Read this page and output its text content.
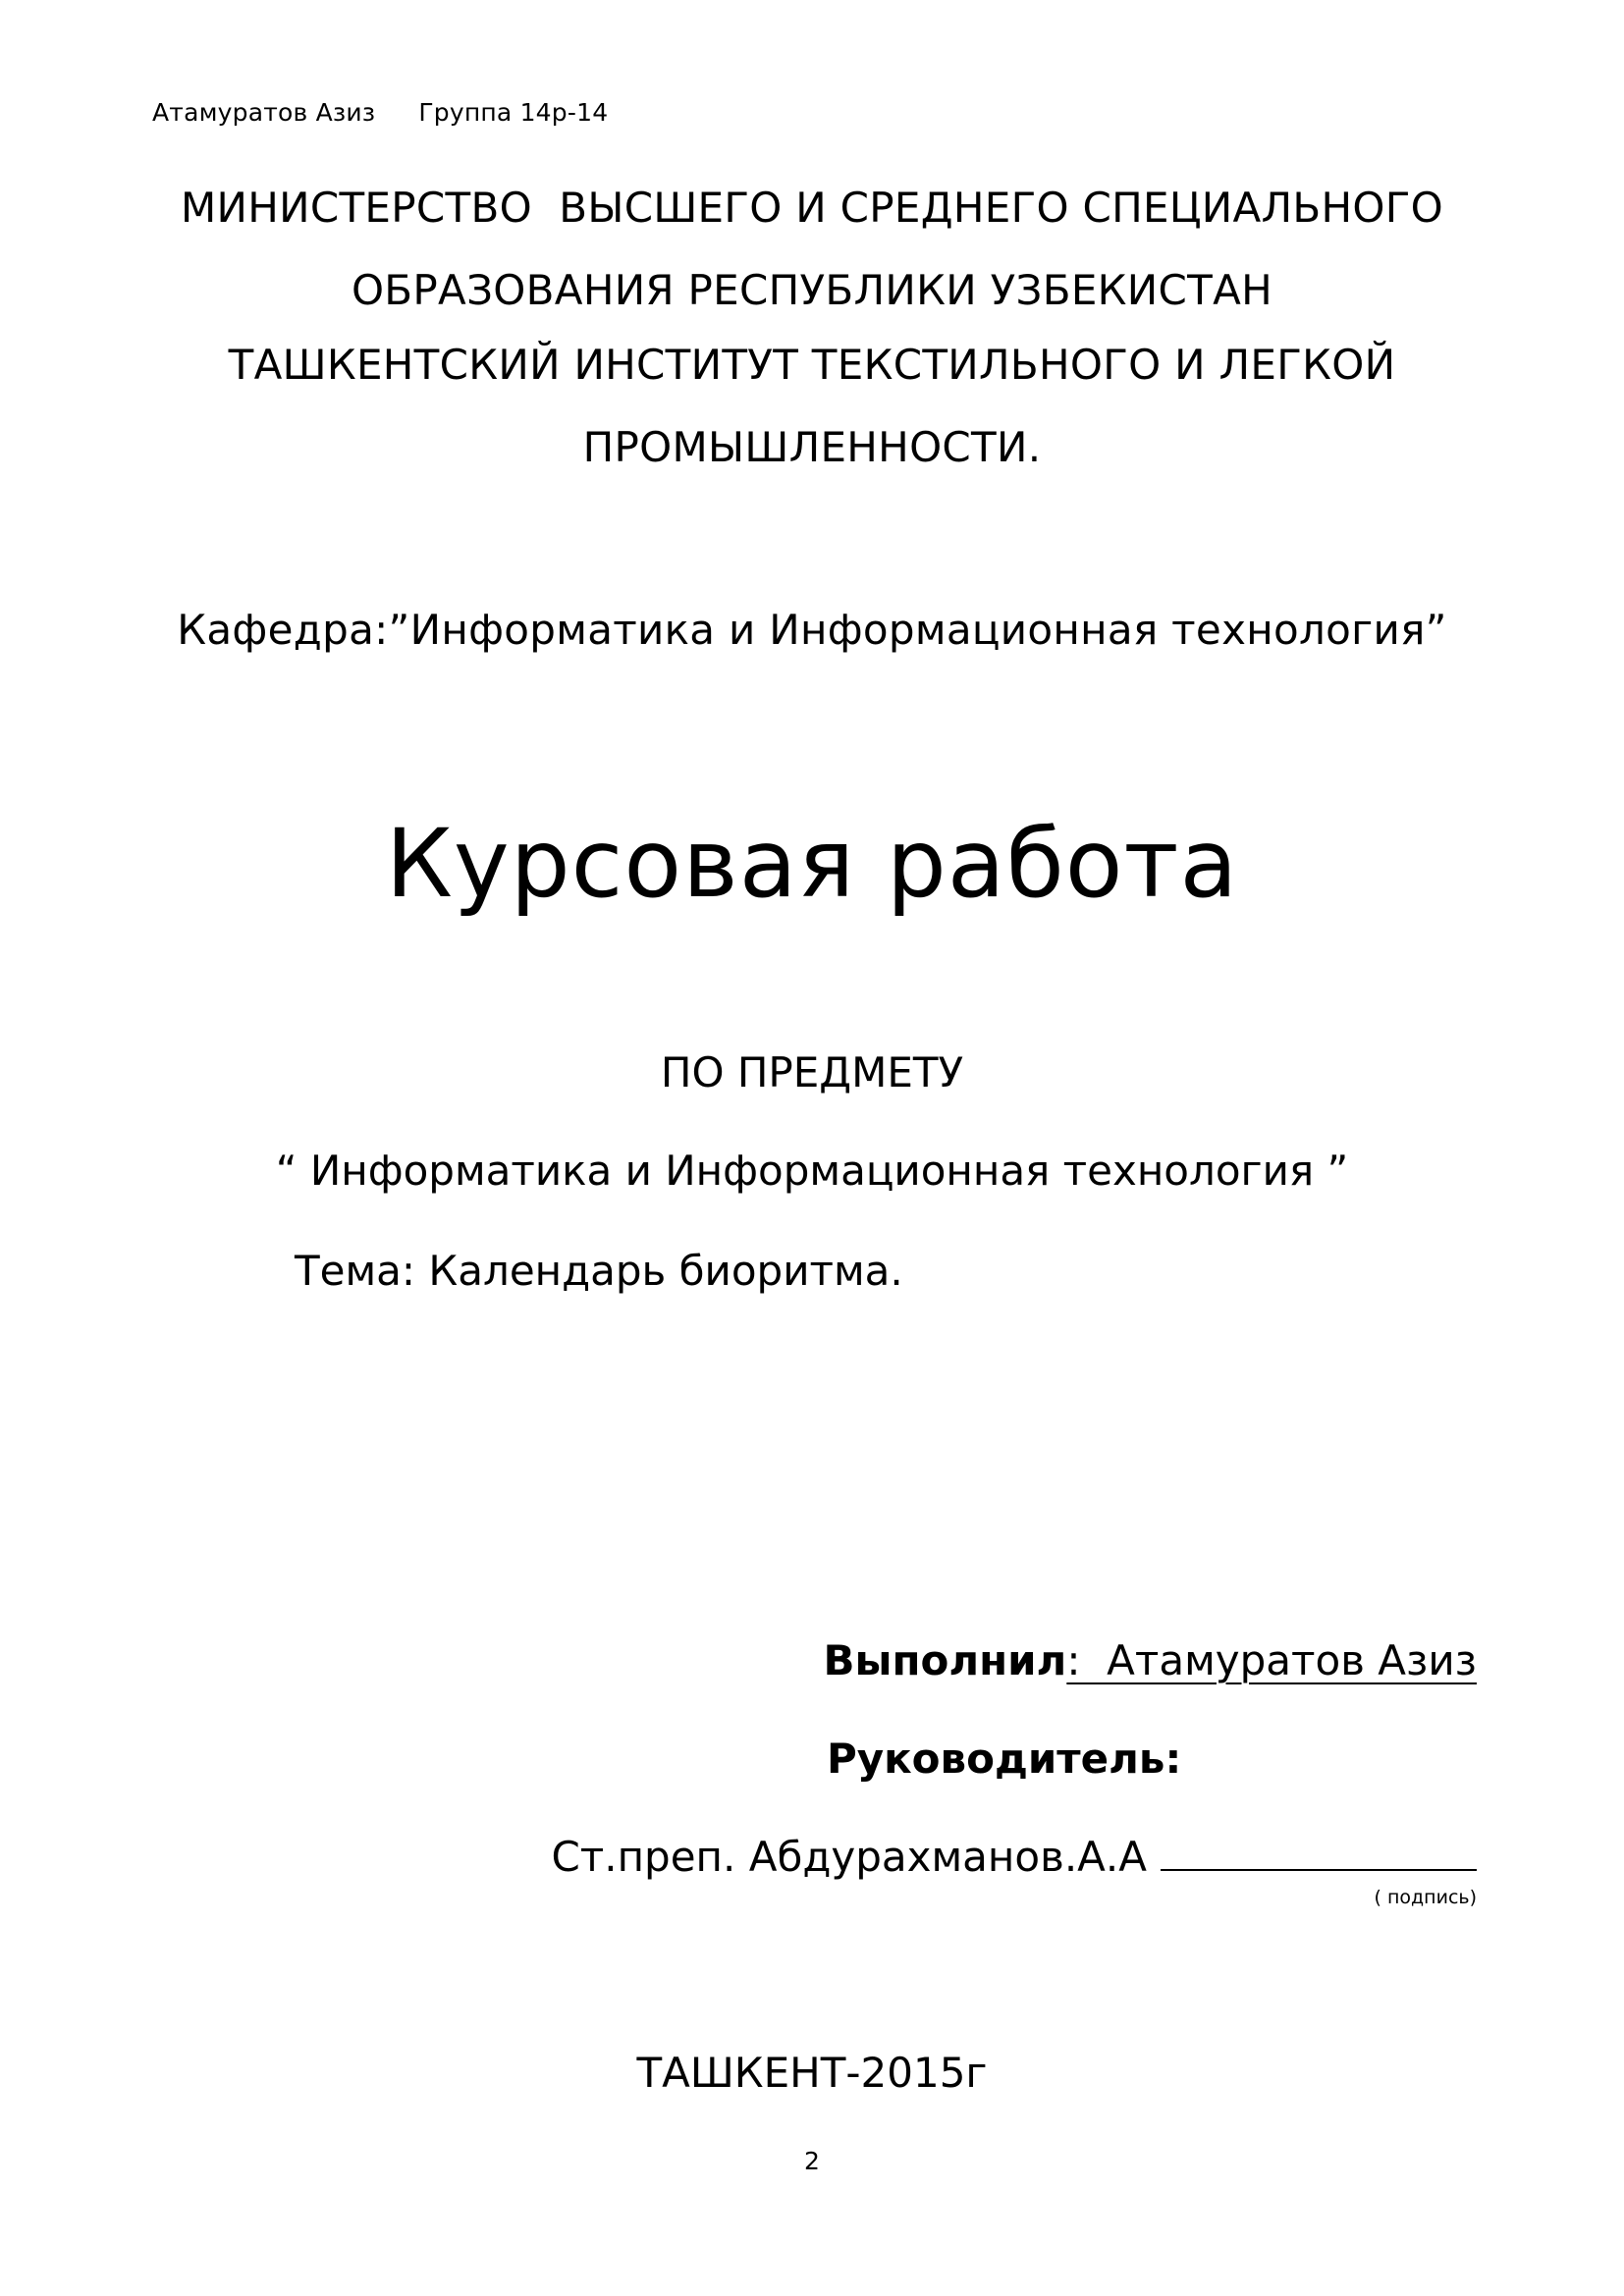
Атамуратов Азиз Группа 14р-14
МИНИСТЕРСТВО  ВЫСШЕГО И СРЕДНЕГО СПЕЦИАЛЬНОГО
ОБРАЗОВАНИЯ РЕСПУБЛИКИ УЗБЕКИСТАН
ТАШКЕНТСКИЙ ИНСТИТУТ ТЕКСТИЛЬНОГО И ЛЕГКОЙ
ПРОМЫШЛЕННОСТИ.
Кафедра:”Информатика и Информационная технология”
Курсовая работа
ПО ПРЕДМЕТУ
“ Информатика и Информационная технология ”
Тема: Календарь биоритма.
Выполнил:  Атамуратов Азиз
Руководитель:
Ст.преп. Абдурахманов.А.А
( подпись)
ТАШКЕНТ-2015г
2
